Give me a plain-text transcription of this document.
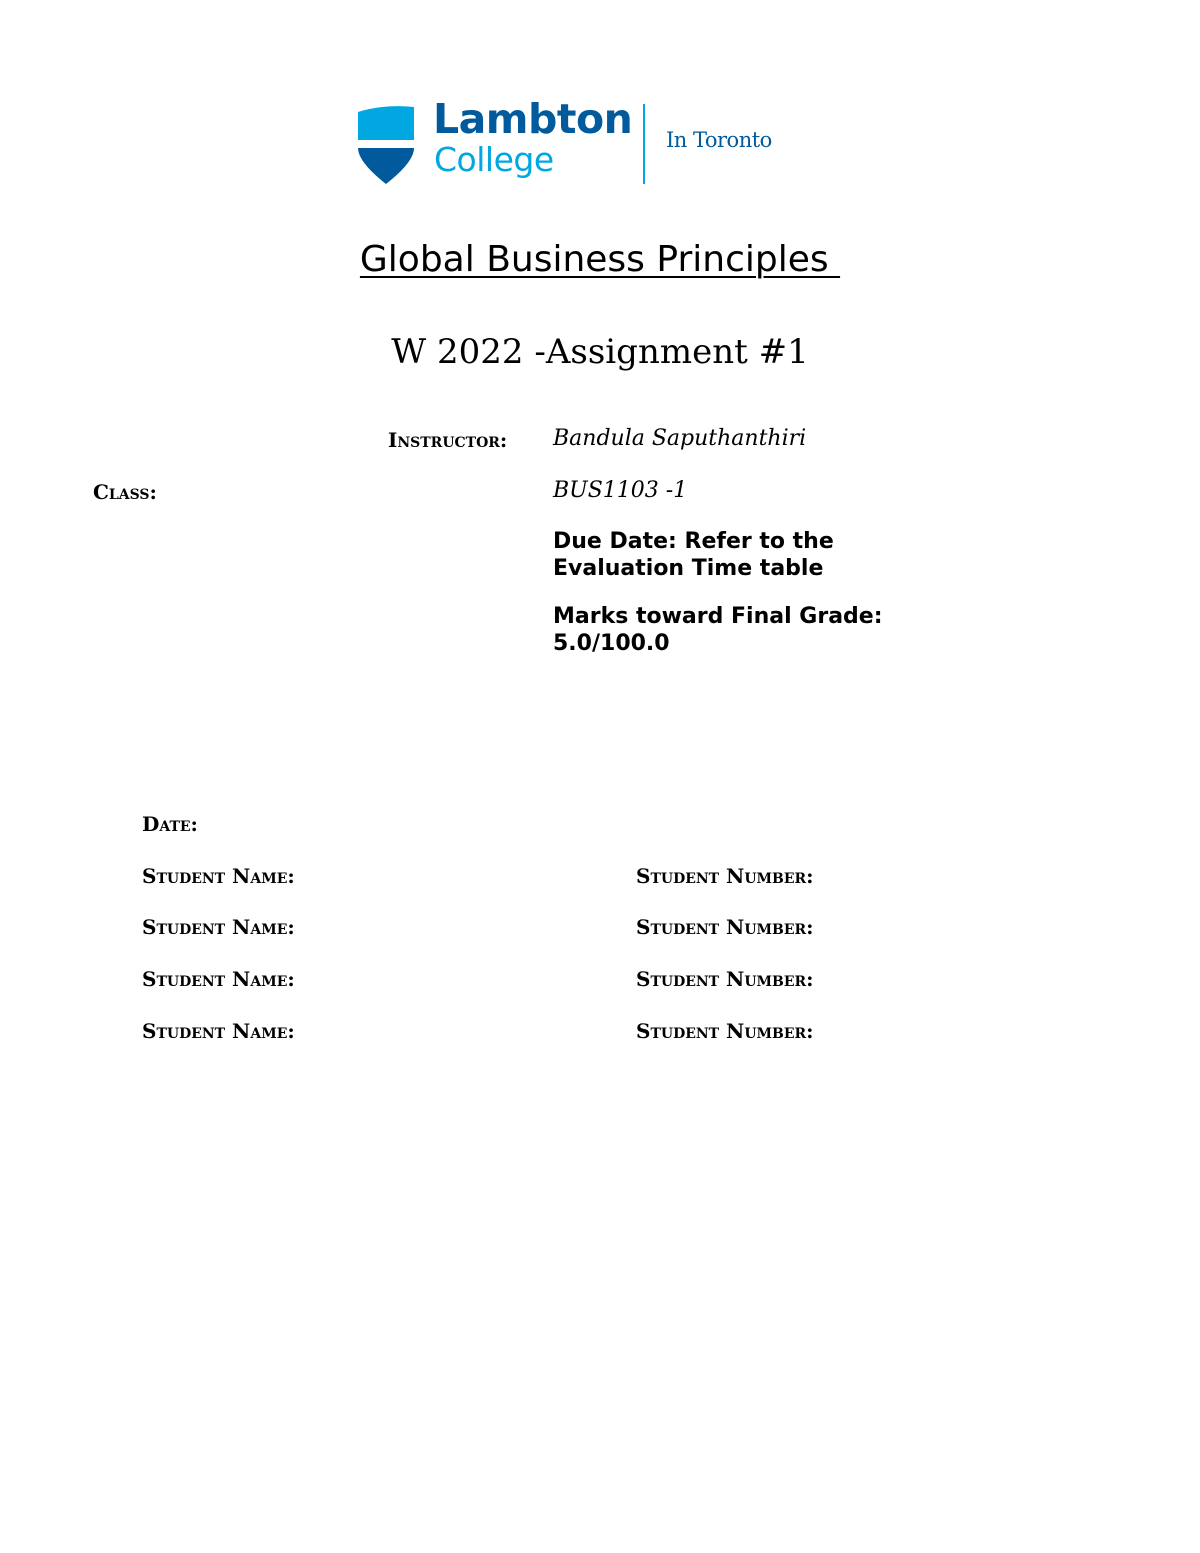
Lambton
College	In Toronto
Global Business Principles
W 2022 -Assignment #1
Instructor: Bandula Saputhanthiri
Class:	BUS1103 -1
Due Date: Refer to the Evaluation Time table
Marks toward Final Grade: 5.0/100.0
Date:
Student Name:	Student Number:
Student Name:	Student Number:
Student Name:	Student Number:
Student Name:	Student Number:
